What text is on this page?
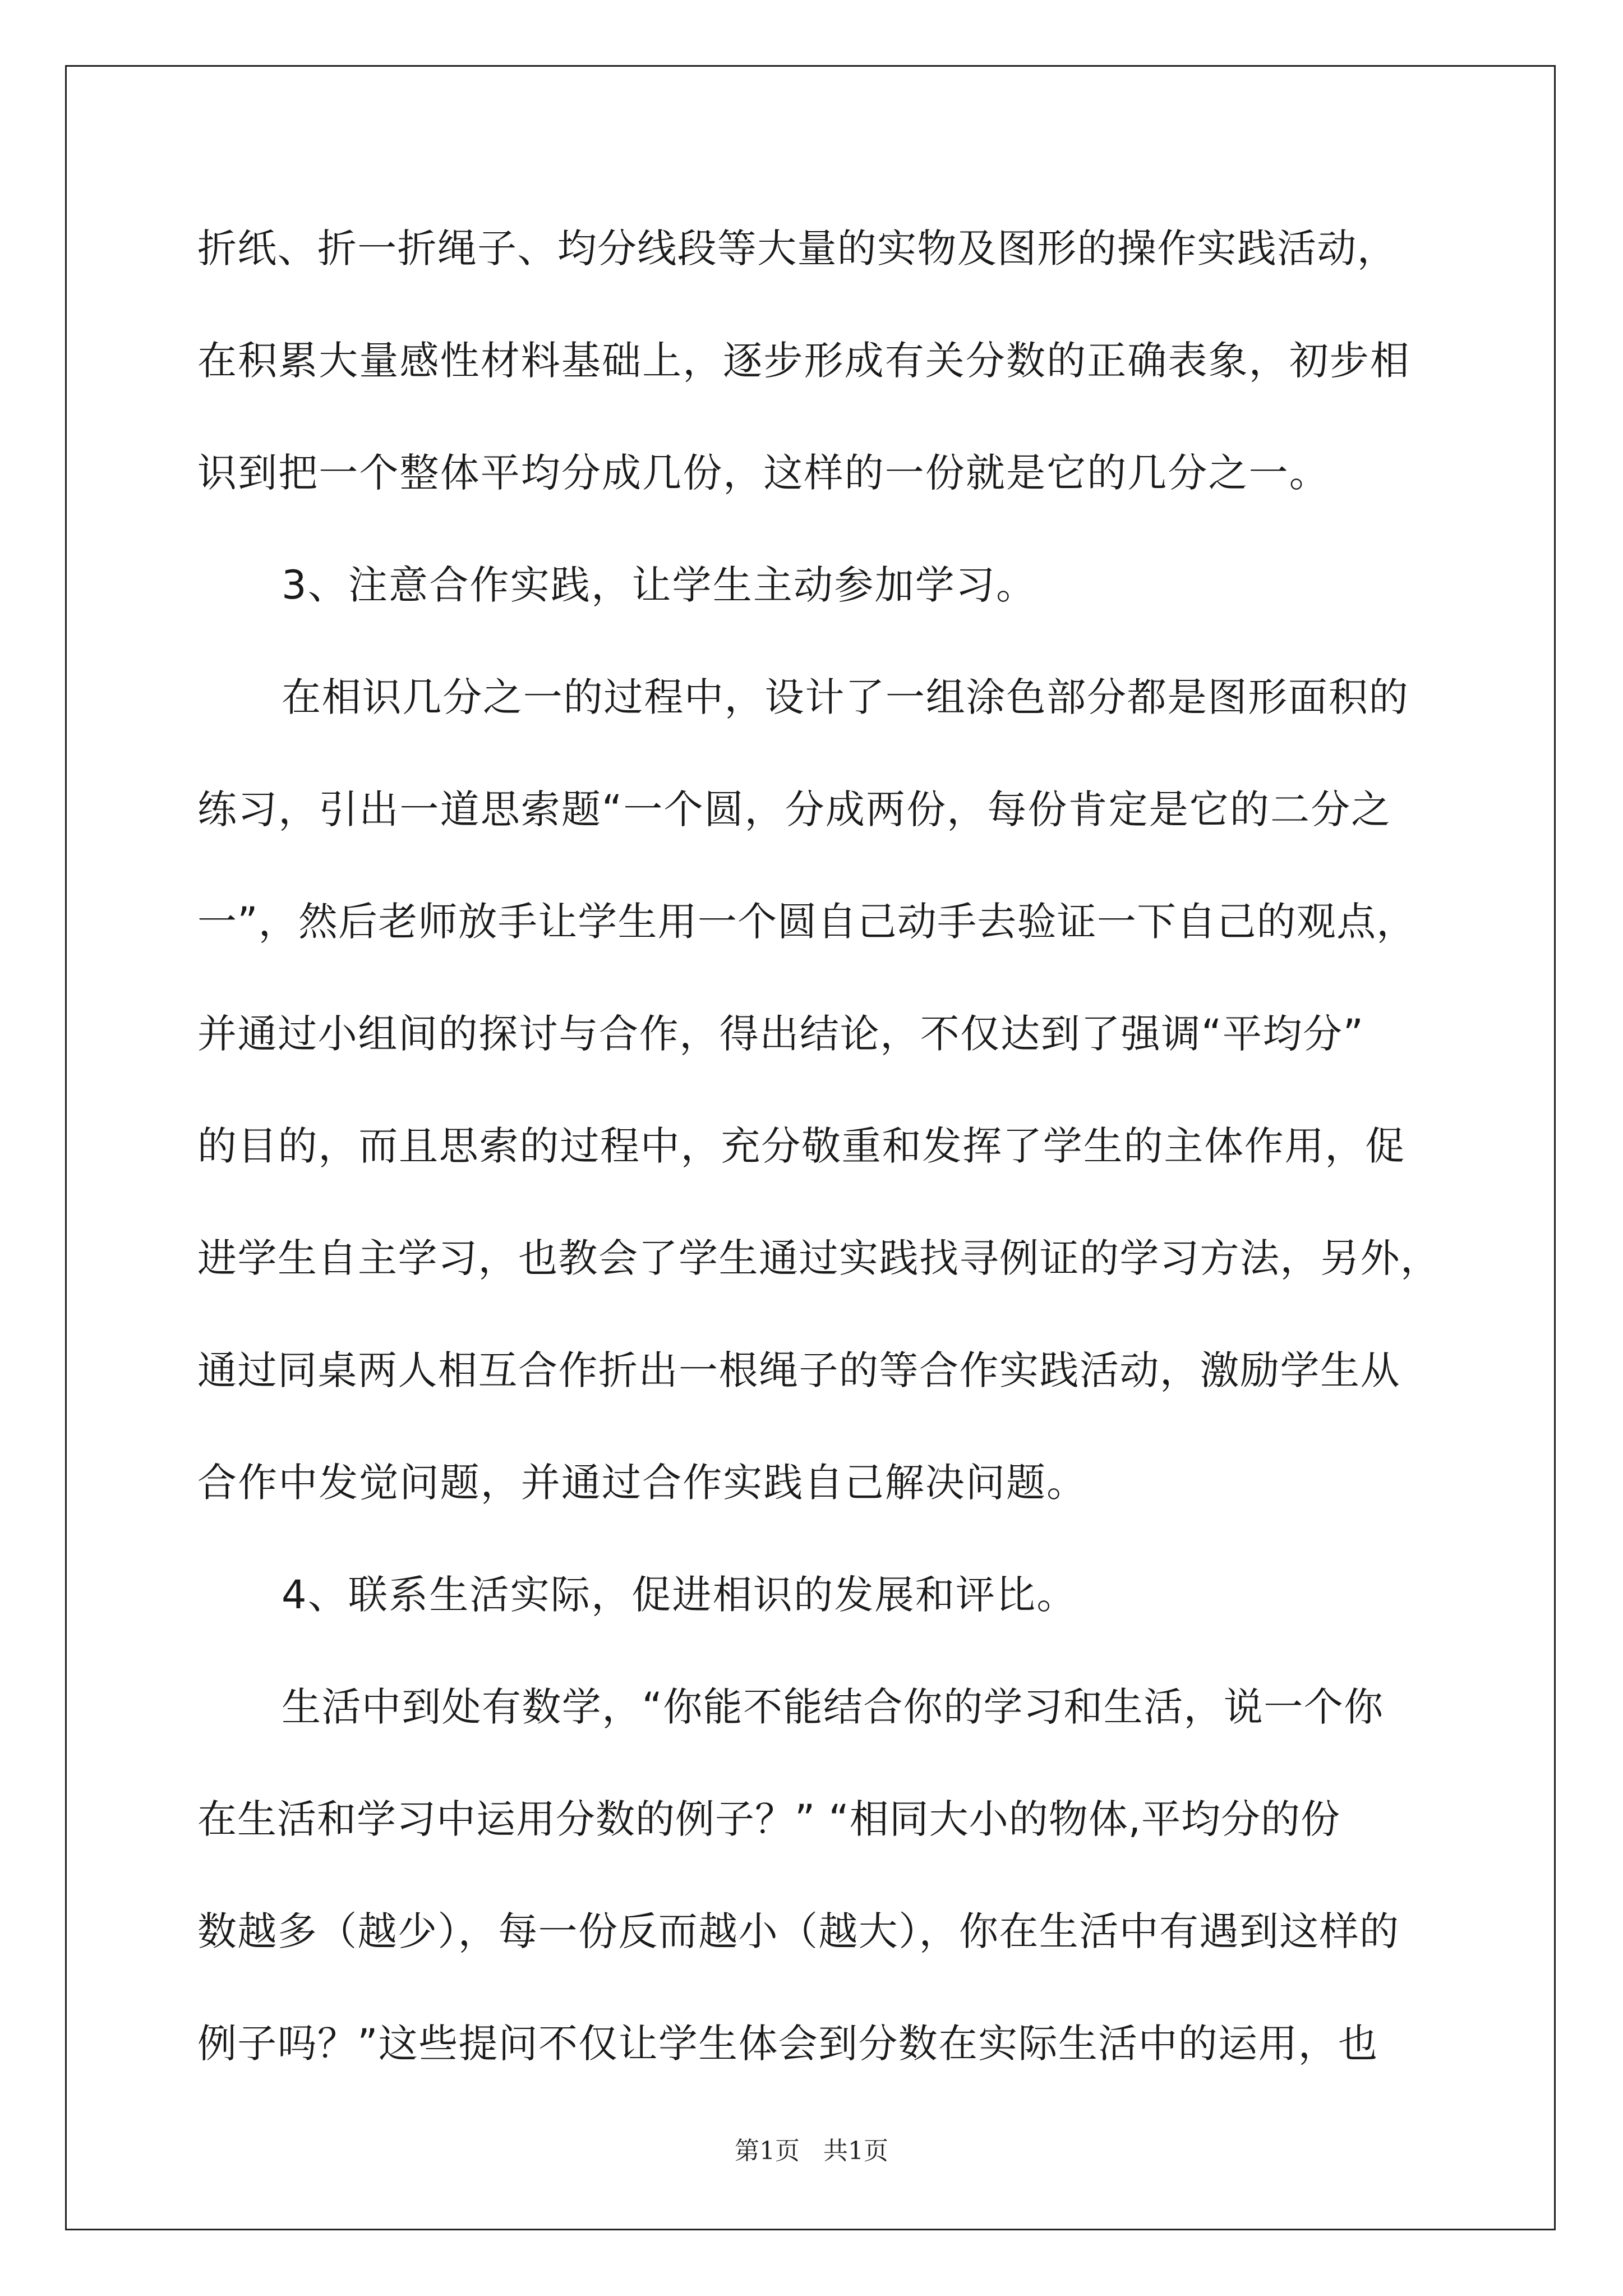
折纸、折一折绳子、均分线段等大量的实物及图形的操作实践活动，
在积累大量感性材料基础上，逐步形成有关分数的正确表象，初步相
识到把一个整体平均分成几份，这样的一份就是它的几分之一。
3、注意合作实践，让学生主动参加学习。
在相识几分之一的过程中，设计了一组涂色部分都是图形面积的
练习，引出一道思索题“一个圆，分成两份，每份肯定是它的二分之
一”，然后老师放手让学生用一个圆自己动手去验证一下自己的观点，
并通过小组间的探讨与合作，得出结论，不仅达到了强调“平均分”
的目的，而且思索的过程中，充分敬重和发挥了学生的主体作用，促
进学生自主学习，也教会了学生通过实践找寻例证的学习方法，另外，
通过同桌两人相互合作折出一根绳子的等合作实践活动，激励学生从
合作中发觉问题，并通过合作实践自己解决问题。
4、联系生活实际，促进相识的发展和评比。
生活中到处有数学，“你能不能结合你的学习和生活，说一个你
在生活和学习中运用分数的例子？” “相同大小的物体,平均分的份
数越多（越少），每一份反而越小（越大），你在生活中有遇到这样的
例子吗？”这些提问不仅让学生体会到分数在实际生活中的运用，也
第1页   共1页
